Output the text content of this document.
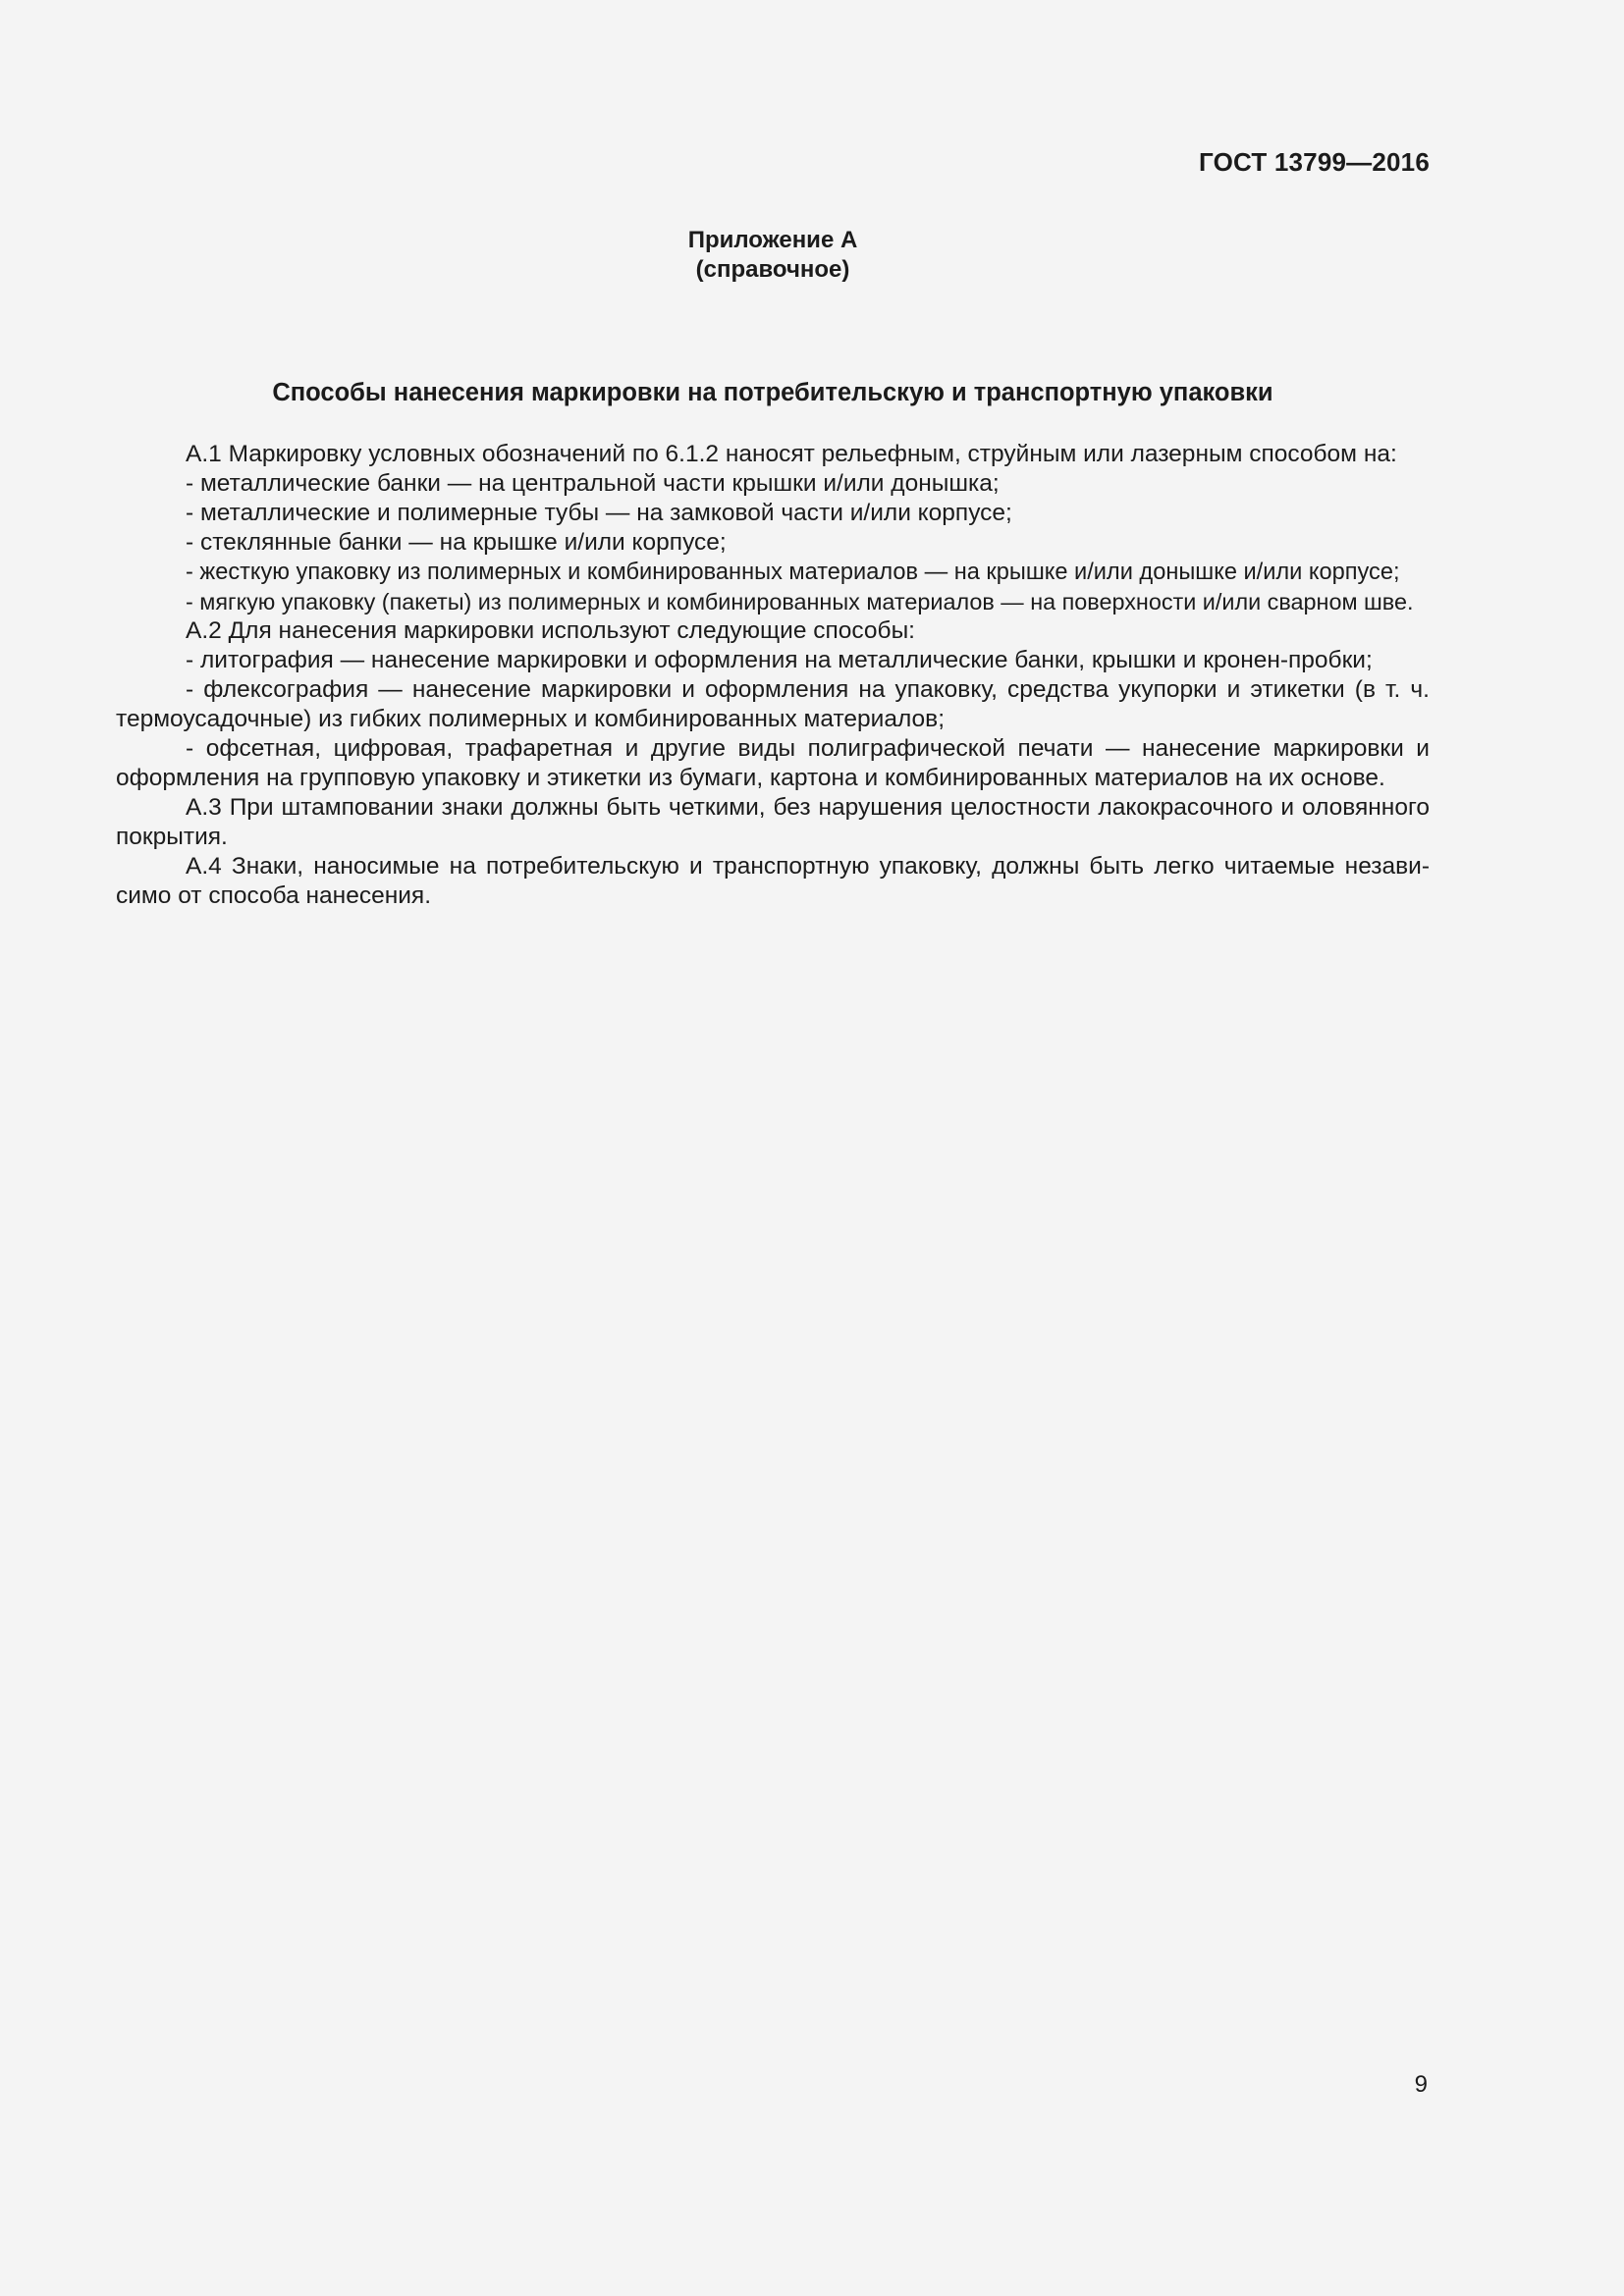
ГОСТ 13799—2016
Приложение А
(справочное)
Способы нанесения маркировки на потребительскую и транспортную упаковки

А.1 Маркировку условных обозначений по 6.1.2 наносят рельефным, струйным или лазерным способом на:

- металлические банки — на центральной части крышки и/или донышка;

- металлические и полимерные тубы — на замковой части и/или корпусе;

- стеклянные банки — на крышке и/или корпусе;

- жесткую упаковку из полимерных и комбинированных материалов — на крышке и/или донышке и/или корпусе;

- мягкую упаковку (пакеты) из полимерных и комбинированных материалов — на поверхности и/или сварном шве.

А.2 Для нанесения маркировки используют следующие способы:

- литография — нанесение маркировки и оформления на металлические банки, крышки и кронен-пробки;

- флексография — нанесение маркировки и оформления на упаковку, средства укупорки и этикетки (в т. ч. термоусадочные) из гибких полимерных и комбинированных материалов;

- офсетная, цифровая, трафаретная и другие виды полиграфической печати — нанесение маркировки и оформления на групповую упаковку и этикетки из бумаги, картона и комбинированных материалов на их основе.

А.3 При штамповании знаки должны быть четкими, без нарушения целостности лакокрасочного и оловянного покрытия.

А.4 Знаки, наносимые на потребительскую и транспортную упаковку, должны быть легко читаемые незави-симо от способа нанесения.

9
